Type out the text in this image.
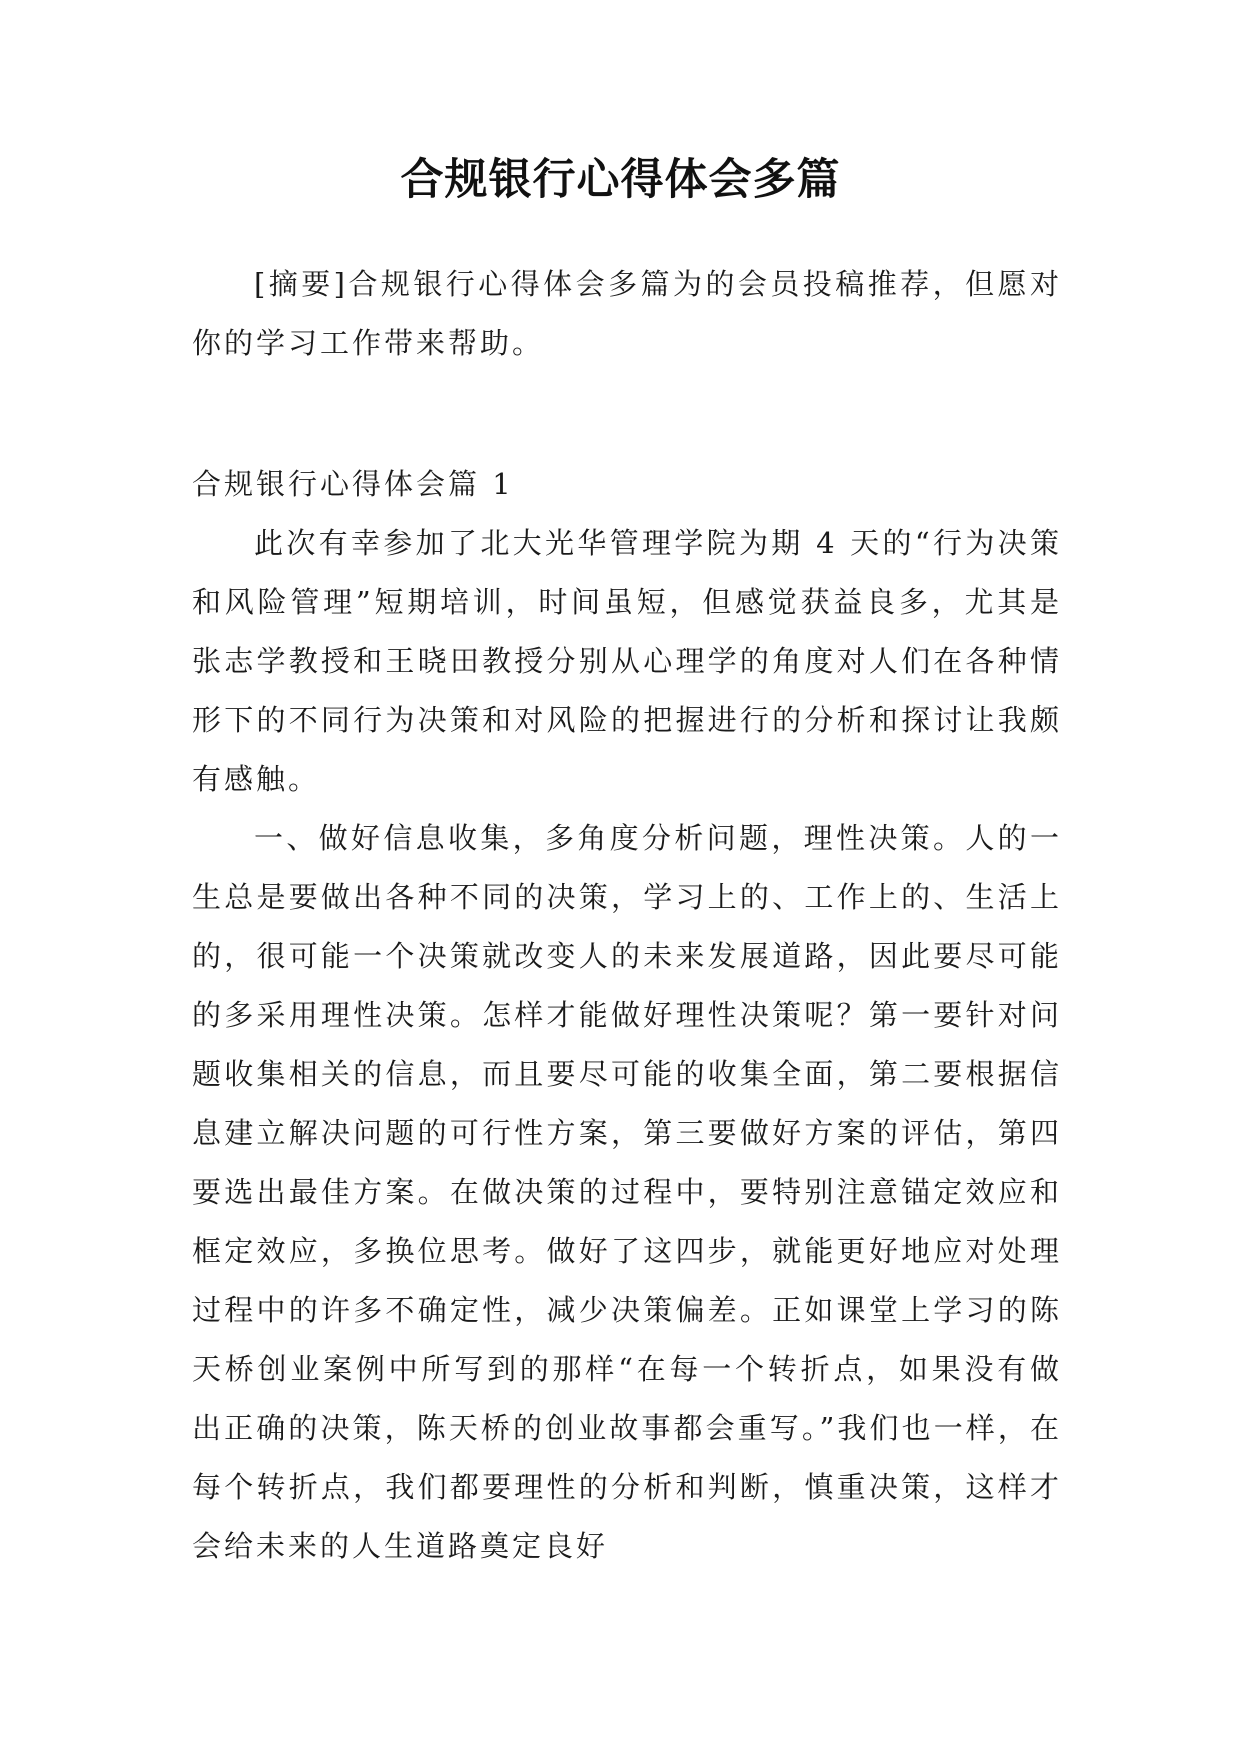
合规银行心得体会多篇

[摘要]合规银行心得体会多篇为的会员投稿推荐，但愿对你的学习工作带来帮助。

合规银行心得体会篇 1

此次有幸参加了北大光华管理学院为期 4 天的“行为决策和风险管理”短期培训，时间虽短，但感觉获益良多，尤其是张志学教授和王晓田教授分别从心理学的角度对人们在各种情形下的不同行为决策和对风险的把握进行的分析和探讨让我颇有感触。

一、做好信息收集，多角度分析问题，理性决策。人的一生总是要做出各种不同的决策，学习上的、工作上的、生活上的，很可能一个决策就改变人的未来发展道路，因此要尽可能的多采用理性决策。怎样才能做好理性决策呢？第一要针对问题收集相关的信息，而且要尽可能的收集全面，第二要根据信息建立解决问题的可行性方案，第三要做好方案的评估，第四要选出最佳方案。在做决策的过程中，要特别注意锚定效应和框定效应，多换位思考。做好了这四步，就能更好地应对处理过程中的许多不确定性，减少决策偏差。正如课堂上学习的陈天桥创业案例中所写到的那样“在每一个转折点，如果没有做出正确的决策，陈天桥的创业故事都会重写。”我们也一样，在每个转折点，我们都要理性的分析和判断，慎重决策，这样才会给未来的人生道路奠定良好
